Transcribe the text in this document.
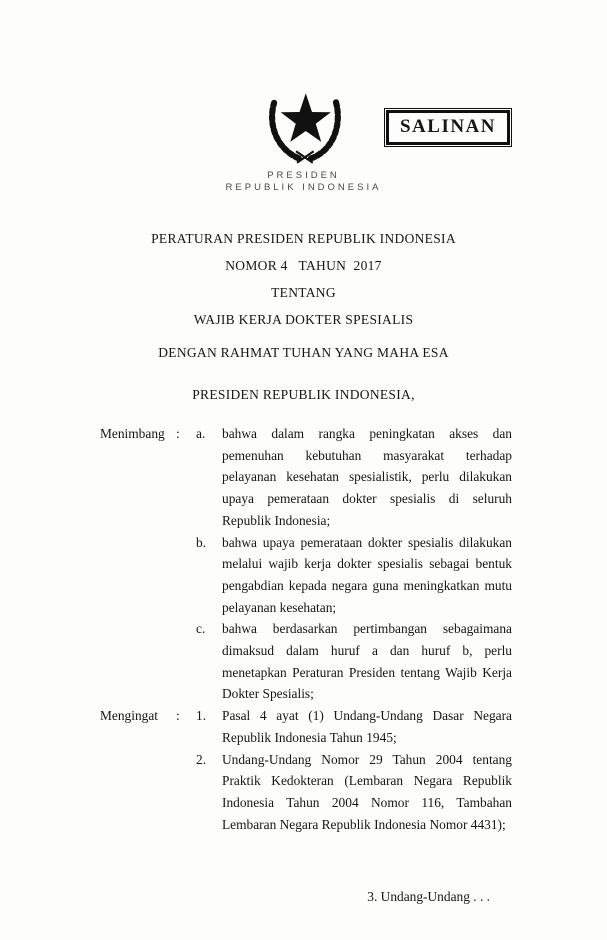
PRESIDEN
REPUBLIK INDONESIA
SALINAN
PERATURAN PRESIDEN REPUBLIK INDONESIA
NOMOR 4   TAHUN  2017
TENTANG
WAJIB KERJA DOKTER SPESIALIS
DENGAN RAHMAT TUHAN YANG MAHA ESA
PRESIDEN REPUBLIK INDONESIA,
Menimbang :	a.	bahwa dalam rangka peningkatan akses dan pemenuhan kebutuhan masyarakat terhadap pelayanan kesehatan spesialistik, perlu dilakukan upaya pemerataan dokter spesialis di seluruh Republik Indonesia;
b.	bahwa upaya pemerataan dokter spesialis dilakukan melalui wajib kerja dokter spesialis sebagai bentuk pengabdian kepada negara guna meningkatkan mutu pelayanan kesehatan;
c.	bahwa berdasarkan pertimbangan sebagaimana dimaksud dalam huruf a dan huruf b, perlu menetapkan Peraturan Presiden tentang Wajib Kerja Dokter Spesialis;
Mengingat	:	1.	Pasal 4 ayat (1) Undang-Undang Dasar Negara Republik Indonesia Tahun 1945;
2.	Undang-Undang Nomor 29 Tahun 2004 tentang Praktik Kedokteran (Lembaran Negara Republik Indonesia Tahun 2004 Nomor 116, Tambahan Lembaran Negara Republik Indonesia Nomor 4431);
3. Undang-Undang . . .
